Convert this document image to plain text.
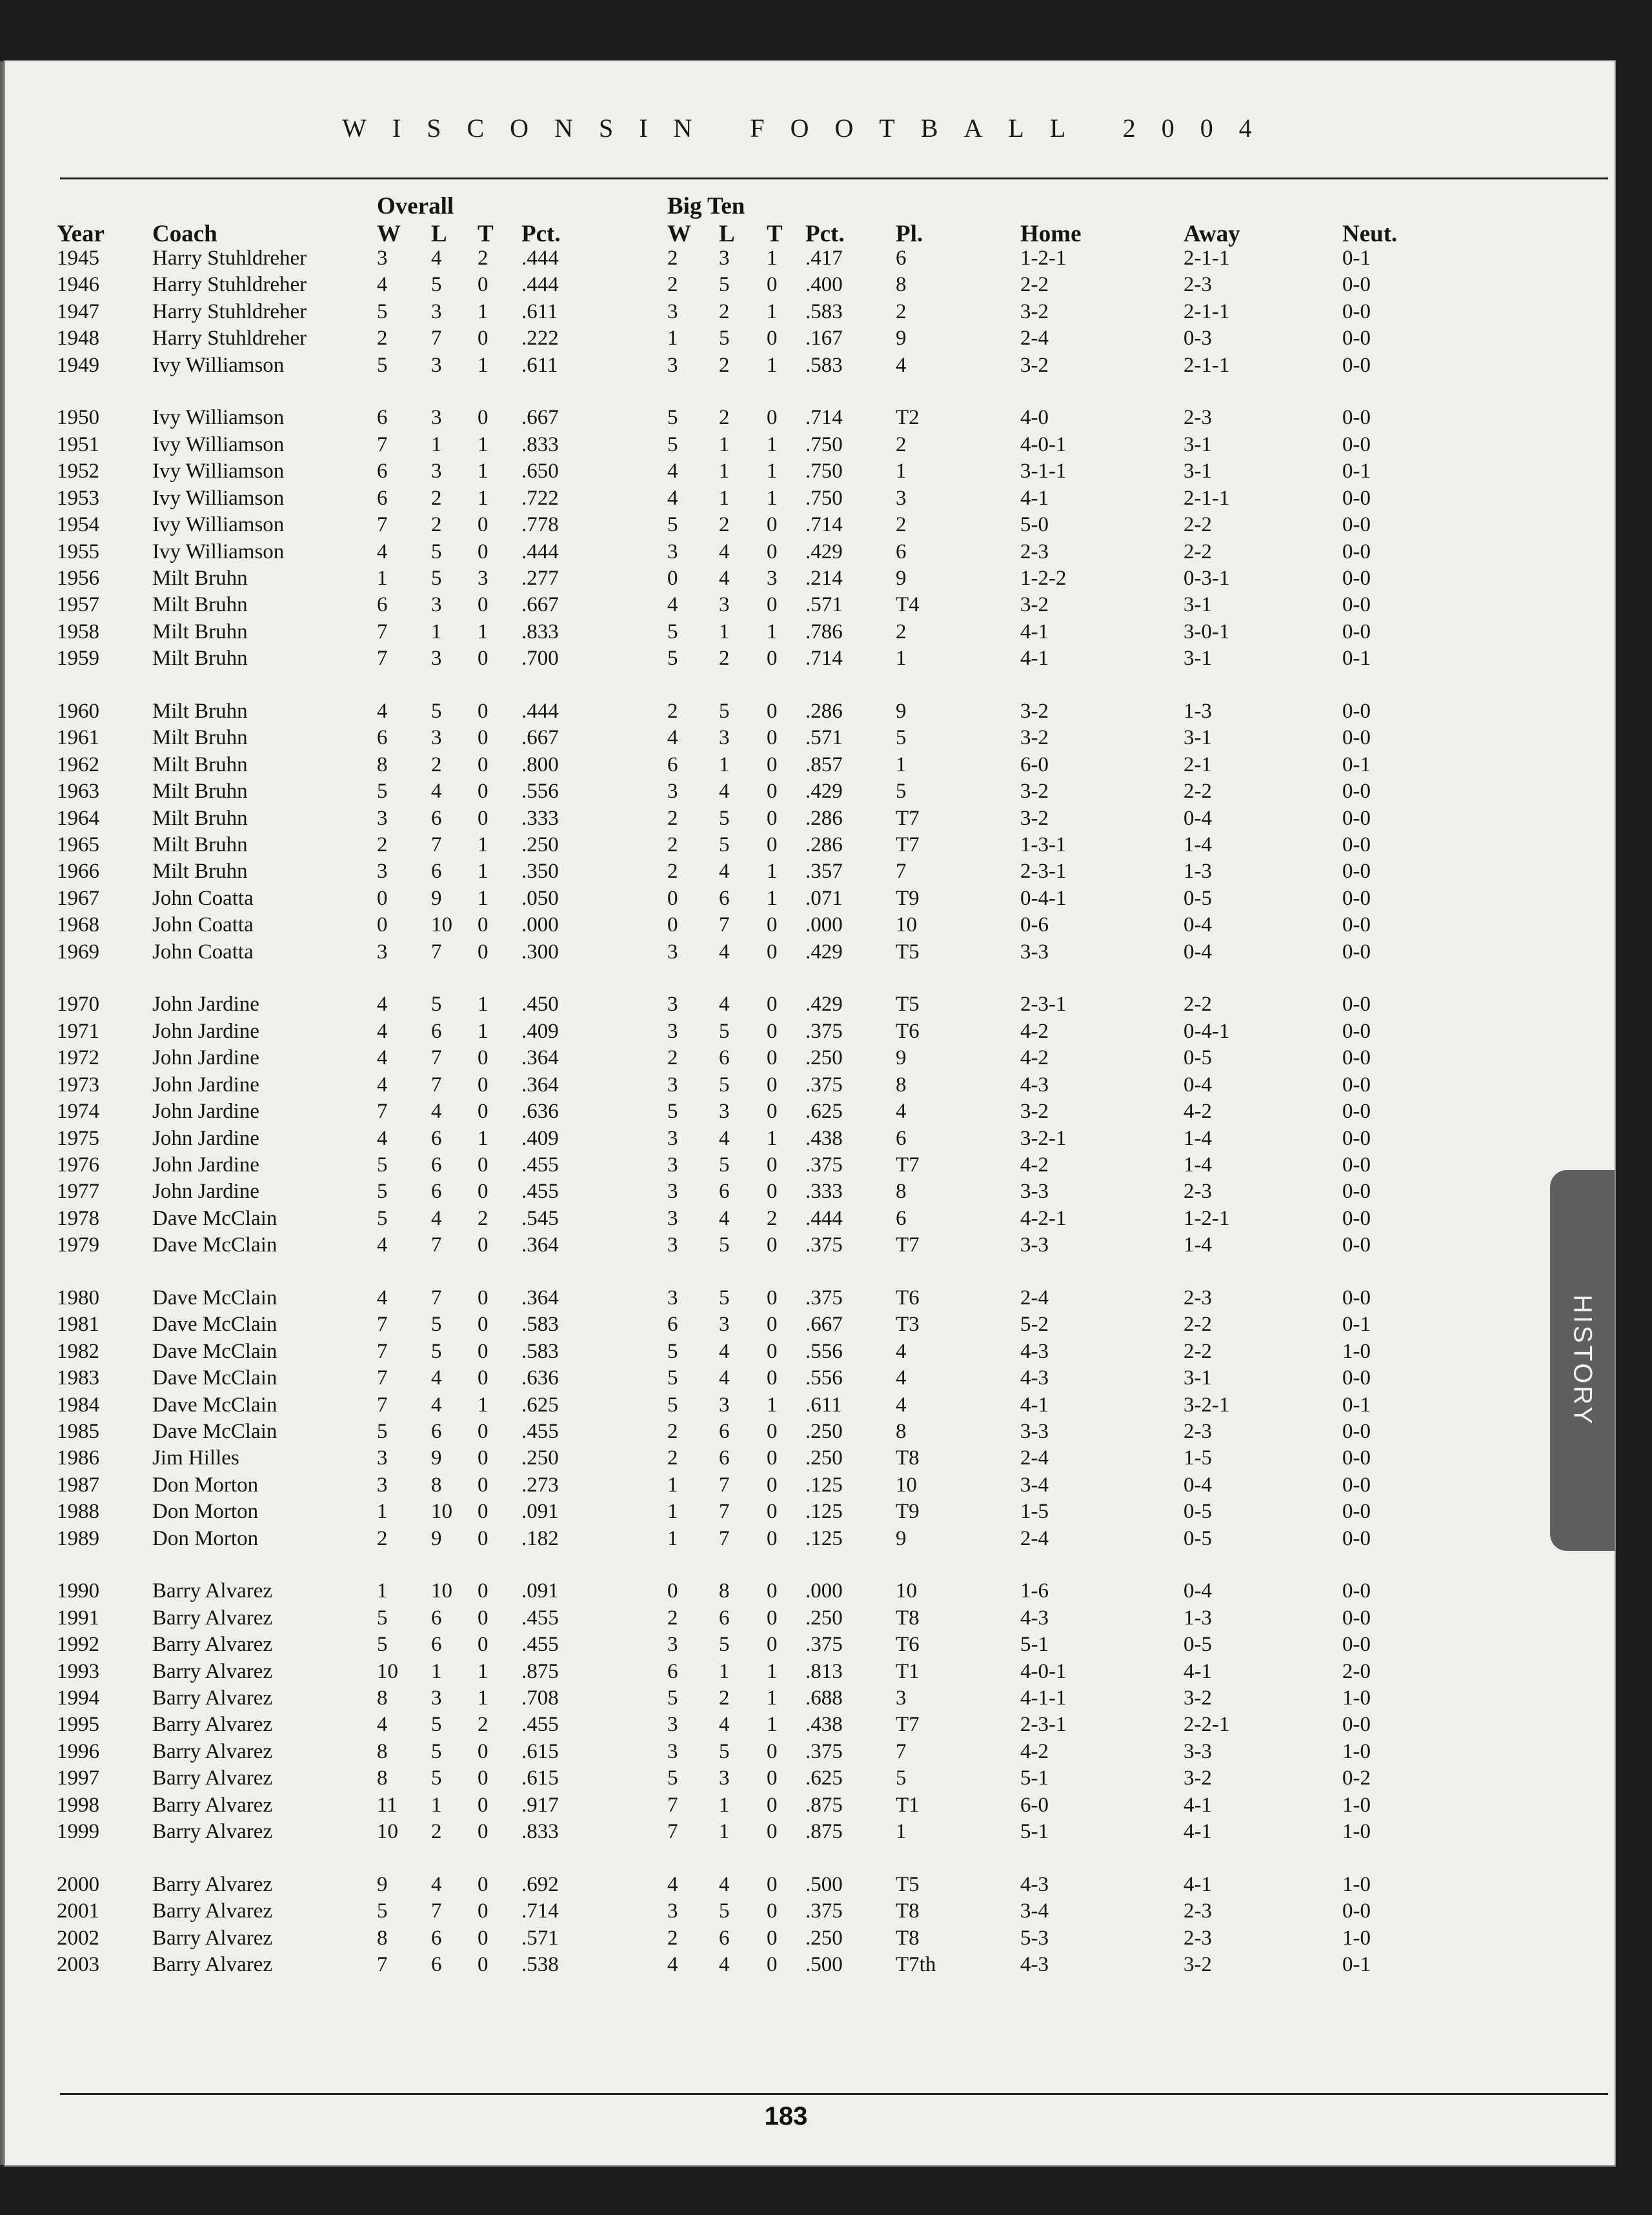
WISCONSIN FOOTBALL 2004
HISTORY
Overall	Big Ten
Year Coach	W L T Pct.	W L T Pct. Pl.	Home	Away	Neut.
1945 Harry Stuhldreher	3 4 2 .444	2 3 1 .417 6	1-2-1	2-1-1	0-1
1946 Harry Stuhldreher	4 5 0 .444	2 5 0 .400 8	2-2	2-3	0-0
1947 Harry Stuhldreher	5 3 1 .611	3 2 1 .583 2	3-2	2-1-1	0-0
1948 Harry Stuhldreher	2 7 0 .222	1 5 0 .167 9	2-4	0-3	0-0
1949 Ivy Williamson	5 3 1 .611	3 2 1 .583 4	3-2	2-1-1	0-0
1950 Ivy Williamson	6 3 0 .667	5 2 0 .714 T2	4-0	2-3	0-0
1951 Ivy Williamson	7 1 1 .833	5 1 1 .750 2	4-0-1	3-1	0-0
1952 Ivy Williamson	6 3 1 .650	4 1 1 .750 1	3-1-1	3-1	0-1
1953 Ivy Williamson	6 2 1 .722	4 1 1 .750 3	4-1	2-1-1	0-0
1954 Ivy Williamson	7 2 0 .778	5 2 0 .714 2	5-0	2-2	0-0
1955 Ivy Williamson	4 5 0 .444	3 4 0 .429 6	2-3	2-2	0-0
1956 Milt Bruhn	1 5 3 .277	0 4 3 .214 9	1-2-2	0-3-1	0-0
1957 Milt Bruhn	6 3 0 .667	4 3 0 .571 T4	3-2	3-1	0-0
1958 Milt Bruhn	7 1 1 .833	5 1 1 .786 2	4-1	3-0-1	0-0
1959 Milt Bruhn	7 3 0 .700	5 2 0 .714 1	4-1	3-1	0-1
1960 Milt Bruhn	4 5 0 .444	2 5 0 .286 9	3-2	1-3	0-0
1961 Milt Bruhn	6 3 0 .667	4 3 0 .571 5	3-2	3-1	0-0
1962 Milt Bruhn	8 2 0 .800	6 1 0 .857 1	6-0	2-1	0-1
1963 Milt Bruhn	5 4 0 .556	3 4 0 .429 5	3-2	2-2	0-0
1964 Milt Bruhn	3 6 0 .333	2 5 0 .286 T7	3-2	0-4	0-0
1965 Milt Bruhn	2 7 1 .250	2 5 0 .286 T7	1-3-1	1-4	0-0
1966 Milt Bruhn	3 6 1 .350	2 4 1 .357 7	2-3-1	1-3	0-0
1967 John Coatta	0 9 1 .050	0 6 1 .071 T9	0-4-1	0-5	0-0
1968 John Coatta	0 10 0 .000	0 7 0 .000 10	0-6	0-4	0-0
1969 John Coatta	3 7 0 .300	3 4 0 .429 T5	3-3	0-4	0-0
1970 John Jardine	4 5 1 .450	3 4 0 .429 T5	2-3-1	2-2	0-0
1971 John Jardine	4 6 1 .409	3 5 0 .375 T6	4-2	0-4-1	0-0
1972 John Jardine	4 7 0 .364	2 6 0 .250 9	4-2	0-5	0-0
1973 John Jardine	4 7 0 .364	3 5 0 .375 8	4-3	0-4	0-0
1974 John Jardine	7 4 0 .636	5 3 0 .625 4	3-2	4-2	0-0
1975 John Jardine	4 6 1 .409	3 4 1 .438 6	3-2-1	1-4	0-0
1976 John Jardine	5 6 0 .455	3 5 0 .375 T7	4-2	1-4	0-0
1977 John Jardine	5 6 0 .455	3 6 0 .333 8	3-3	2-3	0-0
1978 Dave McClain	5 4 2 .545	3 4 2 .444 6	4-2-1	1-2-1	0-0
1979 Dave McClain	4 7 0 .364	3 5 0 .375 T7	3-3	1-4	0-0
1980 Dave McClain	4 7 0 .364	3 5 0 .375 T6	2-4	2-3	0-0
1981 Dave McClain	7 5 0 .583	6 3 0 .667 T3	5-2	2-2	0-1
1982 Dave McClain	7 5 0 .583	5 4 0 .556 4	4-3	2-2	1-0
1983 Dave McClain	7 4 0 .636	5 4 0 .556 4	4-3	3-1	0-0
1984 Dave McClain	7 4 1 .625	5 3 1 .611	4	4-1	3-2-1	0-1
1985 Dave McClain	5 6 0 .455	2 6 0 .250 8	3-3	2-3	0-0
1986 Jim Hilles	3 9 0 .250	2 6 0 .250 T8	2-4	1-5	0-0
1987 Don Morton	3 8 0 .273	1 7 0 .125 10	3-4	0-4	0-0
1988 Don Morton	1 10 0 .091	1 7 0 .125 T9	1-5	0-5	0-0
1989 Don Morton	2 9 0 .182	1 7 0 .125 9	2-4	0-5	0-0
1990 Barry Alvarez	1 10 0 .091	0 8 0 .000 10	1-6	0-4	0-0
1991 Barry Alvarez	5 6 0 .455	2 6 0 .250 T8	4-3	1-3	0-0
1992 Barry Alvarez	5 6 0 .455	3 5 0 .375 T6	5-1	0-5	0-0
1993 Barry Alvarez	10 1 1 .875	6 1 1 .813 T1	4-0-1	4-1	2-0
1994 Barry Alvarez	8 3 1 .708	5 2 1 .688 3	4-1-1	3-2	1-0
1995 Barry Alvarez	4 5 2 .455	3 4 1 .438 T7	2-3-1	2-2-1	0-0
1996 Barry Alvarez	8 5 0 .615	3 5 0 .375 7	4-2	3-3	1-0
1997 Barry Alvarez	8 5 0 .615	5 3 0 .625 5	5-1	3-2	0-2
1998 Barry Alvarez	11 1 0 .917	7 1 0 .875 T1	6-0	4-1	1-0
1999 Barry Alvarez	10 2 0 .833	7 1 0 .875 1	5-1	4-1	1-0
2000 Barry Alvarez	9 4 0 .692	4 4 0 .500 T5	4-3	4-1	1-0
2001 Barry Alvarez	5 7 0 .714	3 5 0 .375 T8	3-4	2-3	0-0
2002 Barry Alvarez	8 6 0 .571	2 6 0 .250 T8	5-3	2-3	1-0
2003 Barry Alvarez	7 6 0 .538	4 4 0 .500 T7th	4-3	3-2	0-1
183
